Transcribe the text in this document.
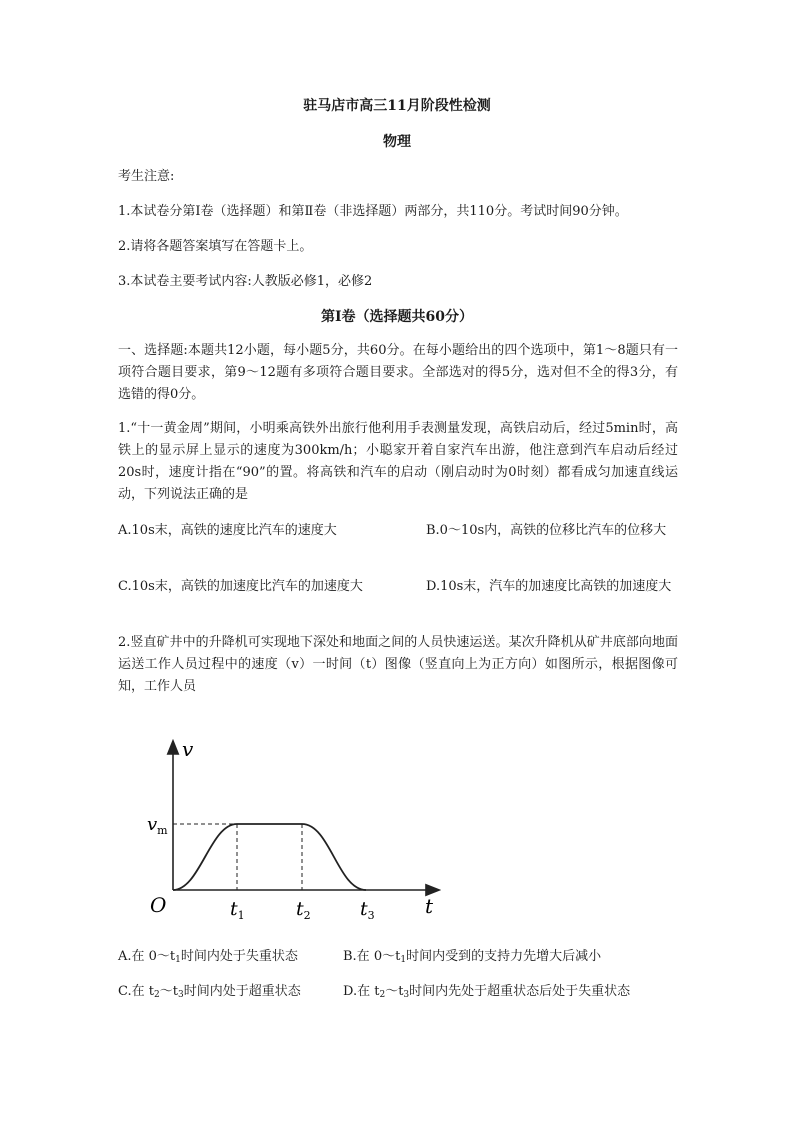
驻马店市高三11月阶段性检测
物理
考生注意:
1.本试卷分第Ⅰ卷（选择题）和第Ⅱ卷（非选择题）两部分，共110分。考试时间90分钟。
2.请将各题答案填写在答题卡上。
3.本试卷主要考试内容:人教版必修1，必修2
第Ⅰ卷（选择题共60分）
一、选择题:本题共12小题，每小题5分，共60分。在每小题给出的四个选项中，第1～8题只有一项符合题目要求，第9～12题有多项符合题目要求。全部选对的得5分，选对但不全的得3分，有选错的得0分。
1.“十一黄金周”期间，小明乘高铁外出旅行他利用手表测量发现，高铁启动后，经过5min时，高铁上的显示屏上显示的速度为300km/h；小聪家开着自家汽车出游，他注意到汽车启动后经过20s时，速度计指在“90”的置。将高铁和汽车的启动（刚启动时为0时刻）都看成匀加速直线运动，下列说法正确的是
A.10s末，高铁的速度比汽车的速度大	B.0～10s内，高铁的位移比汽车的位移大
C.10s末，高铁的加速度比汽车的加速度大	D.10s末，汽车的加速度比高铁的加速度大
2.竖直矿井中的升降机可实现地下深处和地面之间的人员快速运送。某次升降机从矿井底部向地面运送工作人员过程中的速度（v）一时间（t）图像（竖直向上为正方向）如图所示，根据图像可知，工作人员
v
t
O
$v_m$
$t_1$	$t_2$	$t_3$
A.在 $0\sim t_1$时间内处于失重状态	B.在 $0\sim t_1$时间内受到的支持力先增大后减小
C.在 $t_2\sim t_3$时间内处于超重状态	D.在 $t_2\sim t_3$时间内先处于超重状态后处于失重状态
